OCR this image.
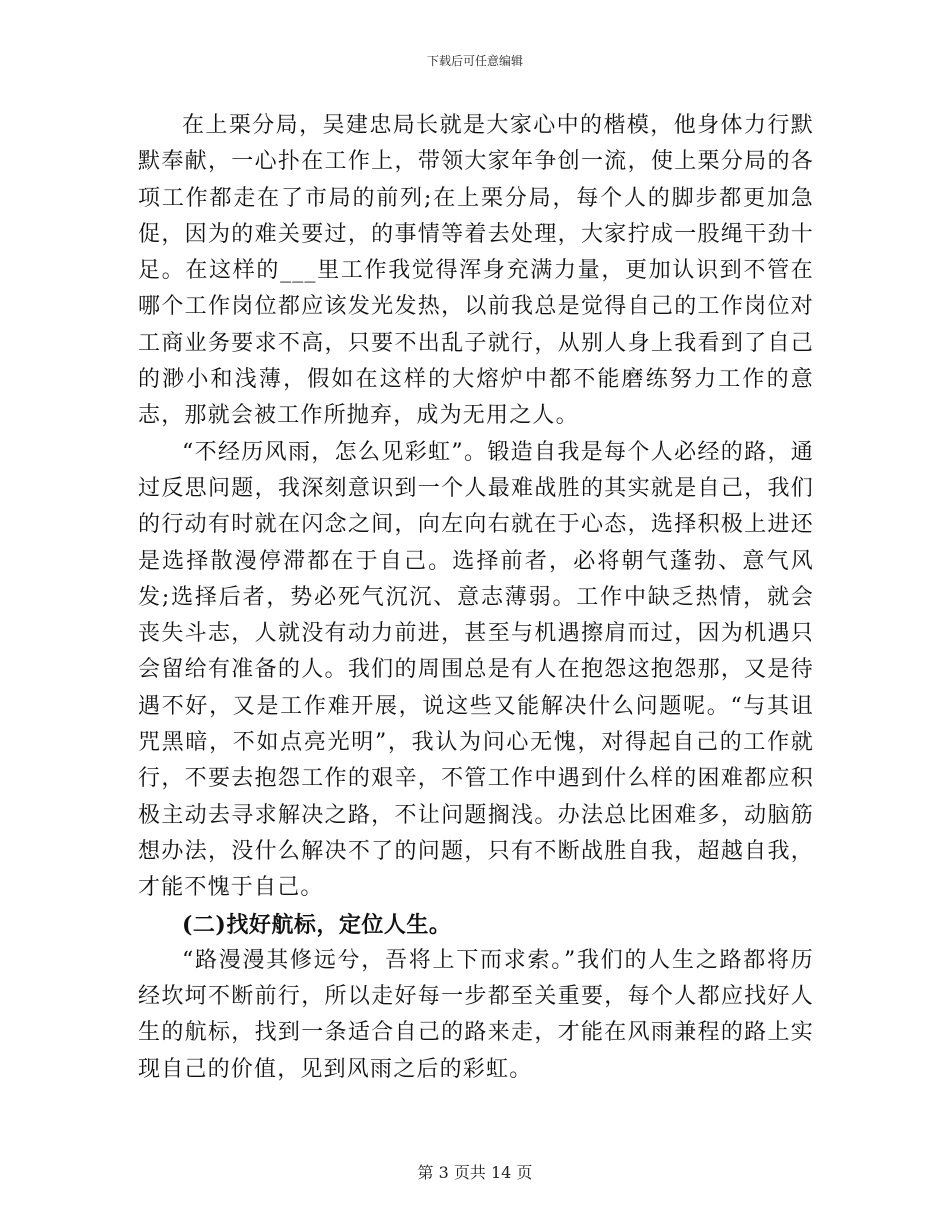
下载后可任意编辑

在上栗分局，吴建忠局长就是大家心中的楷模，他身体力行默默奉献，一心扑在工作上，带领大家年争创一流，使上栗分局的各项工作都走在了市局的前列;在上栗分局，每个人的脚步都更加急促，因为的难关要过，的事情等着去处理，大家拧成一股绳干劲十足。在这样的___里工作我觉得浑身充满力量，更加认识到不管在哪个工作岗位都应该发光发热，以前我总是觉得自己的工作岗位对工商业务要求不高，只要不出乱子就行，从别人身上我看到了自己的渺小和浅薄，假如在这样的大熔炉中都不能磨练努力工作的意志，那就会被工作所抛弃，成为无用之人。

“不经历风雨，怎么见彩虹”。锻造自我是每个人必经的路，通过反思问题，我深刻意识到一个人最难战胜的其实就是自己，我们的行动有时就在闪念之间，向左向右就在于心态，选择积极上进还是选择散漫停滞都在于自己。选择前者，必将朝气蓬勃、意气风发;选择后者，势必死气沉沉、意志薄弱。工作中缺乏热情，就会丧失斗志，人就没有动力前进，甚至与机遇擦肩而过，因为机遇只会留给有准备的人。我们的周围总是有人在抱怨这抱怨那，又是待遇不好，又是工作难开展，说这些又能解决什么问题呢。“与其诅咒黑暗，不如点亮光明”，我认为问心无愧，对得起自己的工作就行，不要去抱怨工作的艰辛，不管工作中遇到什么样的困难都应积极主动去寻求解决之路，不让问题搁浅。办法总比困难多，动脑筋想办法，没什么解决不了的问题，只有不断战胜自我，超越自我，才能不愧于自己。

(二)找好航标，定位人生。

“路漫漫其修远兮，吾将上下而求索。”我们的人生之路都将历经坎坷不断前行，所以走好每一步都至关重要，每个人都应找好人生的航标，找到一条适合自己的路来走，才能在风雨兼程的路上实现自己的价值，见到风雨之后的彩虹。

第 3 页共 14 页
